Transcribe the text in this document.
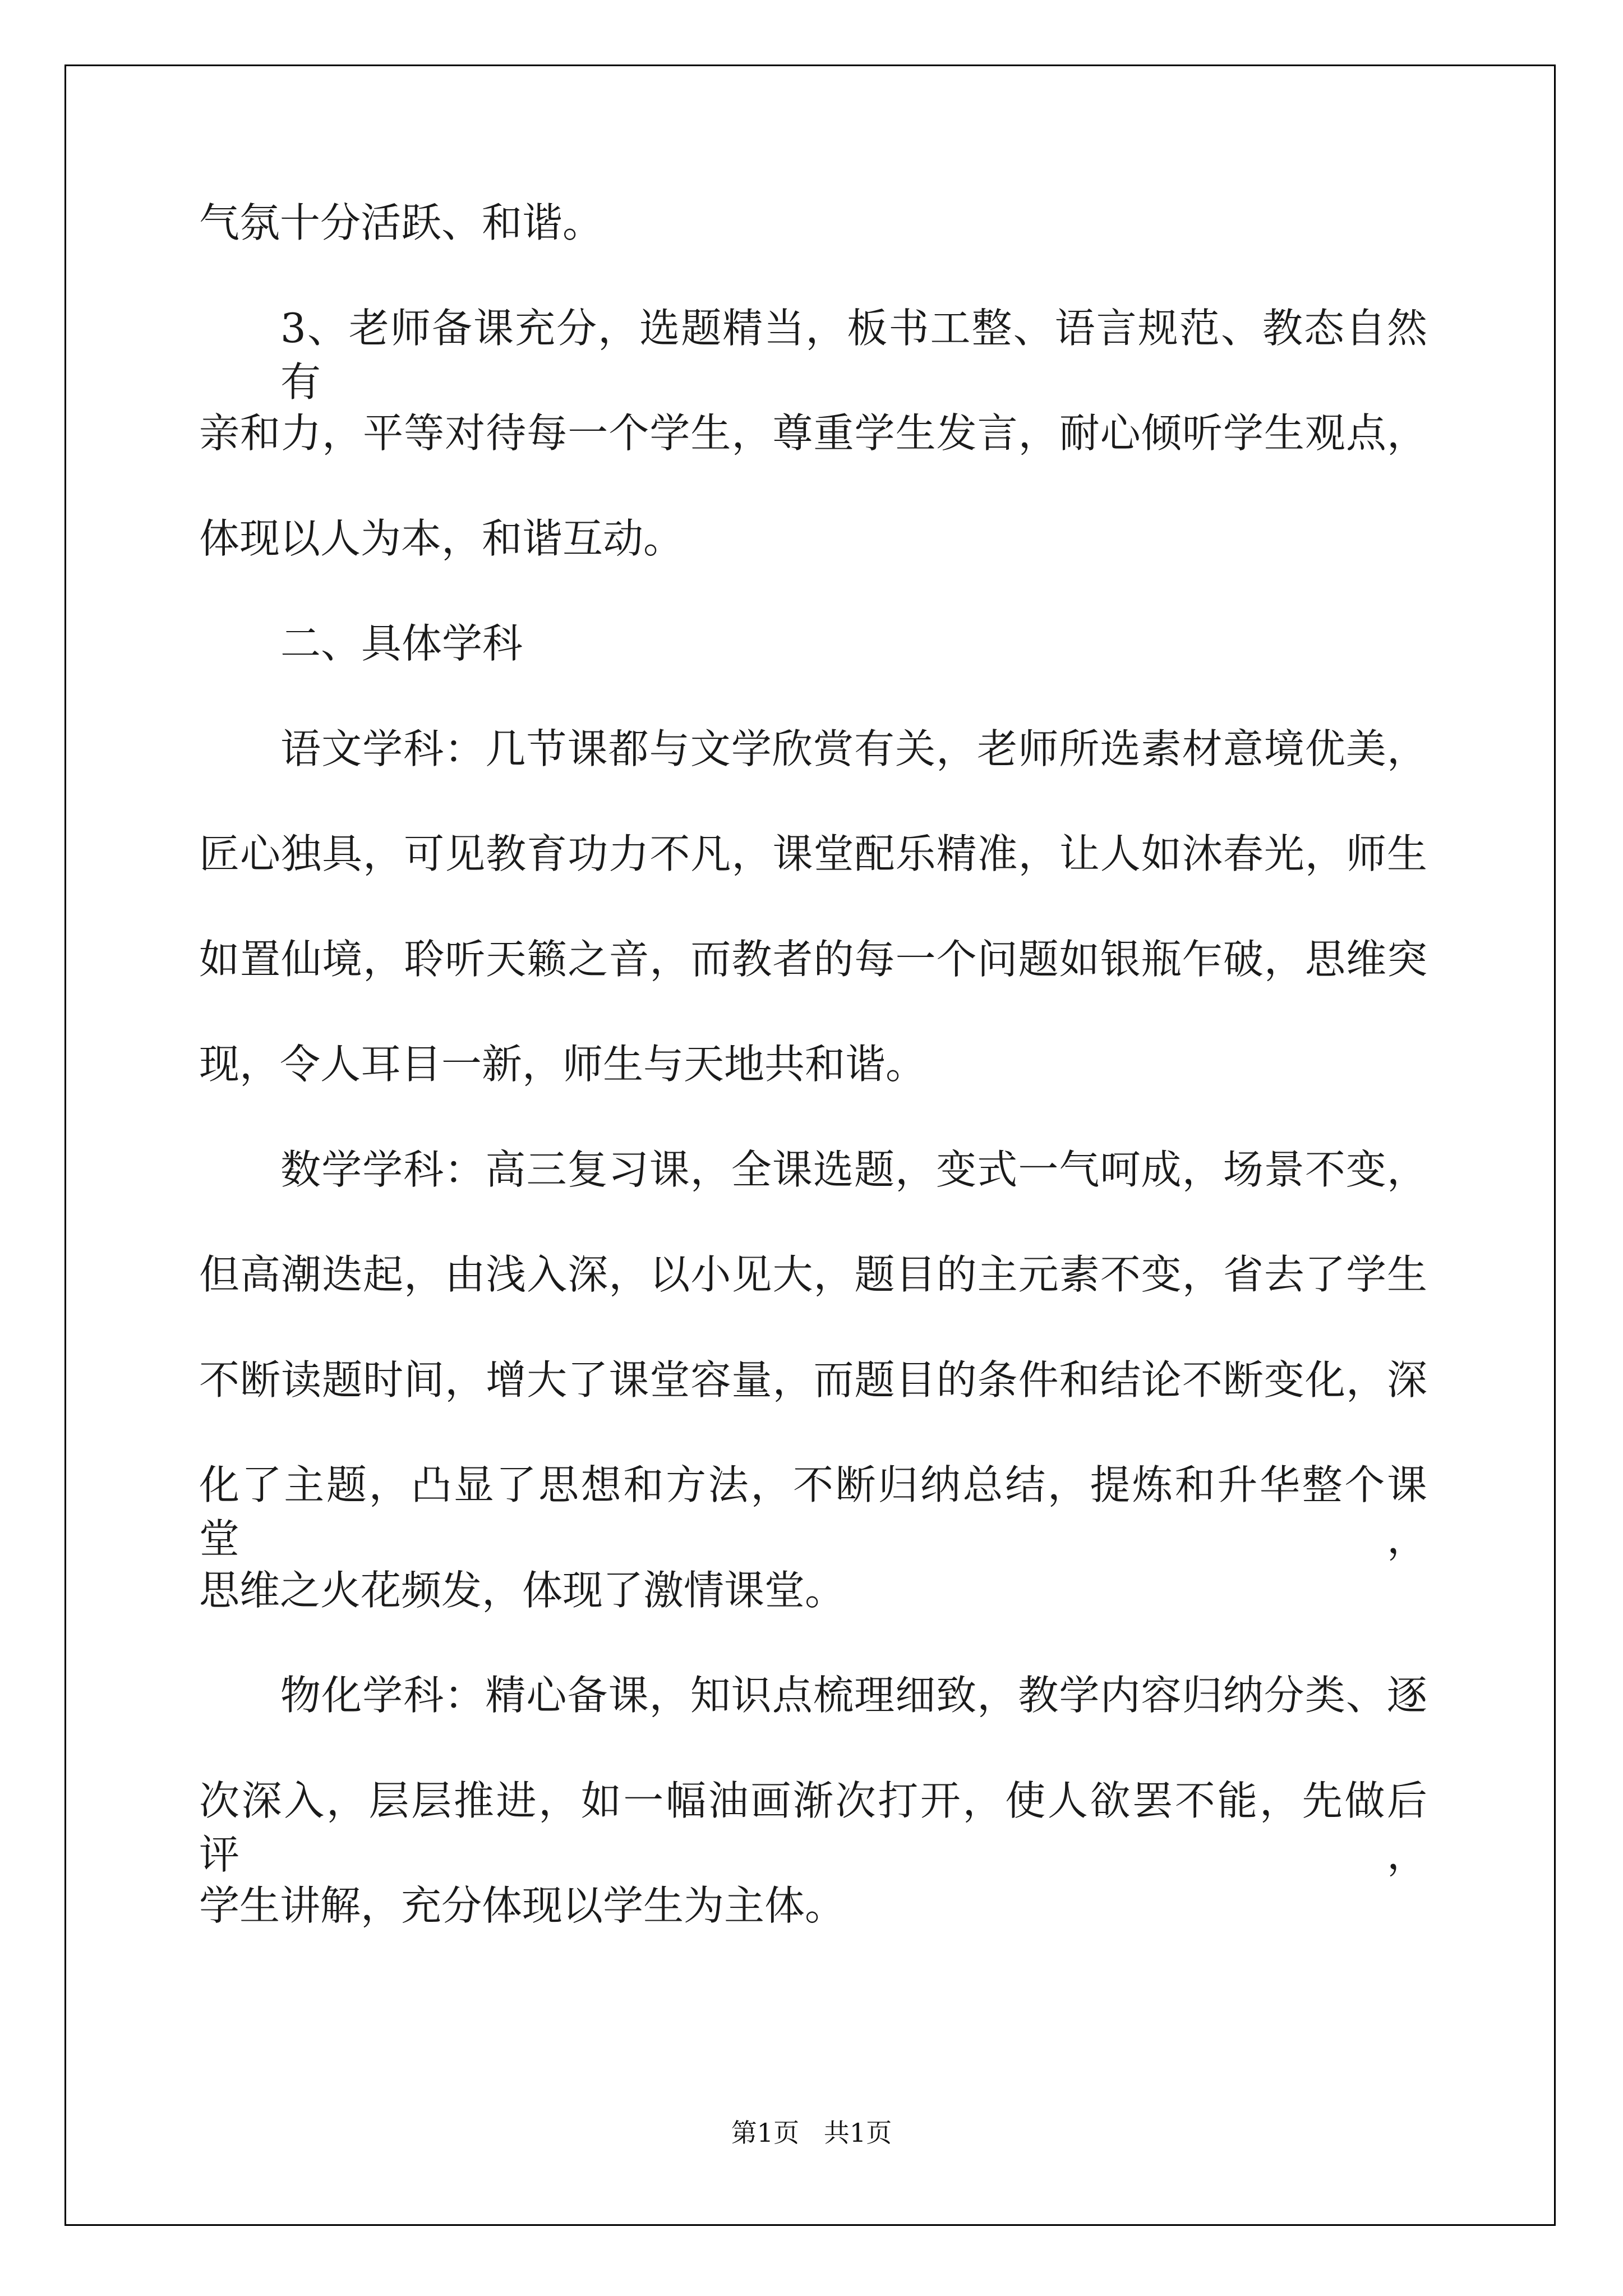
气氛十分活跃、和谐。
3、老师备课充分，选题精当，板书工整、语言规范、教态自然有
亲和力，平等对待每一个学生，尊重学生发言，耐心倾听学生观点，
体现以人为本，和谐互动。
二、具体学科
语文学科：几节课都与文学欣赏有关，老师所选素材意境优美，
匠心独具，可见教育功力不凡，课堂配乐精准，让人如沐春光，师生
如置仙境，聆听天籁之音，而教者的每一个问题如银瓶乍破，思维突
现，令人耳目一新，师生与天地共和谐。
数学学科：高三复习课，全课选题，变式一气呵成，场景不变，
但高潮迭起，由浅入深，以小见大，题目的主元素不变，省去了学生
不断读题时间，增大了课堂容量，而题目的条件和结论不断变化，深
化了主题，凸显了思想和方法，不断归纳总结，提炼和升华整个课堂，
思维之火花频发，体现了激情课堂。
物化学科：精心备课，知识点梳理细致，教学内容归纳分类、逐
次深入，层层推进，如一幅油画渐次打开，使人欲罢不能，先做后评，
学生讲解，充分体现以学生为主体。
第1页   共1页
